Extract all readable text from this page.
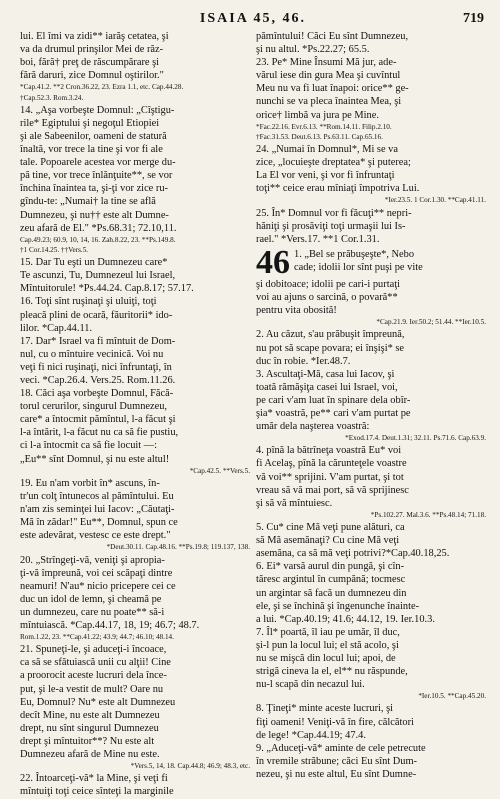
ISAIA 45, 46.	719
lui. El îmi va zidi** iarăş cetatea, şi
va da drumul prinşilor Mei de răz-
boi, fără† preţ de răscumpărare şi
fără daruri, zice Domnul oştirilor."
*Cap.41.2. **2 Cron.36.22, 23. Ezra 1.1, etc. Cap.44.28.
†Cap.52.3. Rom.3.24.
14. „Aşa vorbeşte Domnul: „Cîştigu-
rile* Egiptului şi negoţul Etiopiei
şi ale Sabeenilor, oameni de statură
înaltă, vor trece la tine şi vor fi ale
tale. Popoarele acestea vor merge du-
pă tine, vor trece înlănţuite**, se vor
închina înaintea ta, şi-ţi vor zice ru-
gîndu-te: „Numai† la tine se află
Dumnezeu, şi nu†† este alt Dumne-
zeu afară de El." *Ps.68.31; 72.10,11.
Cap.49.23; 60.9, 10, 14, 16. Zah.8.22, 23. **Ps.149.8.
†1 Cor.14.25. ††Vers.5.
15. Dar Tu eşti un Dumnezeu care*
Te ascunzi, Tu, Dumnezeul lui Israel,
Mîntuitorule! *Ps.44.24. Cap.8.17; 57.17.
16. Toţi sînt ruşinaţi şi uluiţi, toţi
pleacă plini de ocară, făuritorii* ido-
lilor. *Cap.44.11.
17. Dar* Israel va fi mîntuit de Dom-
nul, cu o mîntuire vecinică. Voi nu
veţi fi nici ruşinaţi, nici înfruntaţi, în
veci. *Cap.26.4. Vers.25. Rom.11.26.
18. Căci aşa vorbeşte Domnul, Făcă-
torul cerurilor, singurul Dumnezeu,
care* a întocmit pămîntul, l-a făcut şi
l-a întărit, l-a făcut nu ca să fie pustiu,
ci l-a întocmit ca să fie locuit —:
„Eu** sînt Domnul, şi nu este altul!
*Cap.42.5. **Vers.5.
19. Eu n'am vorbit în* ascuns, în-
tr'un colţ întunecos al pămîntului. Eu
n'am zis seminţei lui Iacov: „Căutaţi-
Mă în zădar!" Eu**, Domnul, spun ce
este adevărat, vestesc ce este drept."
*Deut.30.11. Cap.48.16. **Ps.19.8; 119.137, 138.
20. „Strîngeţi-vă, veniţi şi apropia-
ţi-vă împreună, voi cei scăpaţi dintre
neamuri! N'au* nicio pricepere cei ce
duc un idol de lemn, şi cheamă pe
un dumnezeu, care nu poate** să-i
mîntuiască. *Cap.44.17, 18, 19; 46.7; 48.7.
Rom.1.22, 23. **Cap.41.22; 43.9; 44.7; 46.10; 48.14.
21. Spuneţi-le, şi aduceţi-i încoace,
ca să se sfătuiască unii cu alţii! Cine
a proorocit aceste lucruri dela înce-
put, şi le-a vestit de mult? Oare nu
Eu, Domnul? Nu* este alt Dumnezeu
decît Mine, nu este alt Dumnezeu
drept, nu sînt singurul Dumnezeu
drept şi mîntuitor**? Nu este alt
Dumnezeu afară de Mine nu este.
*Vers.5, 14, 18. Cap.44.8; 46.9; 48.3, etc.
22. Întoarceţi-vă* la Mine, şi veţi fi
mîntuiţi toţi ceice sînteţi la marginile
pămîntului! Căci Eu sînt Dumnezeu,
şi nu altul. *Ps.22.27; 65.5.
23. Pe* Mine Însumi Mă jur, ade-
vărul iese din gura Mea şi cuvîntul
Meu nu va fi luat înapoi: orice** ge-
nunchi se va pleca înaintea Mea, şi
orice† limbă va jura pe Mine.
*Fac.22.16. Evr.6.13. **Rom.14.11. Filip.2.10.
†Fac.31.53. Deut.6.13. Ps.63.11. Cap.65.16.
24. „Numai în Domnul*, Mi se va
zice, „locuieşte dreptatea* şi puterea;
La El vor veni, şi vor fi înfruntaţi
toţi** ceice erau mîniaţi împotriva Lui.
*Ier.23.5. 1 Cor.1.30. **Cap.41.11.
25. În* Domnul vor fi făcuţi** nepri-
hăniţi şi prosăviţi toţi urmaşii lui Is-
rael." *Vers.17. **1 Cor.1.31.
46 1. „Bel se prăbuşeşte*, Nebo
cade; idolii lor sînt puşi pe vite
şi dobitoace; idolii pe cari-i purtaţi
voi au ajuns o sarcină, o povară**
pentru vita obosită!
*Cap.21.9. Ier.50.2; 51.44. **Ier.10.5.
2. Au căzut, s'au prăbuşit împreună,
nu pot să scape povara; ei înşişi* se
duc în robie. *Ier.48.7.
3. Ascultaţi-Mă, casa lui Iacov, şi
toată rămăşiţa casei lui Israel, voi,
pe cari v'am luat în spinare dela obîr-
şia* voastră, pe** cari v'am purtat pe
umăr dela naşterea voastră:
*Exod.17.4. Deut.1.31; 32.11. Ps.71.6. Cap.63.9.
4. pînă la bătrîneţa voastră Eu* voi
fi Acelaş, pînă la cărunteţele voastre
vă voi** sprijini. V'am purtat, şi tot
vreau să vă mai port, să vă sprijinesc
şi să vă mîntuiesc.
*Ps.102.27. Mal.3.6. **Ps.48.14; 71.18.
5. Cu* cine Mă veţi pune alături, ca
să Mă asemănaţi? Cu cine Mă veţi
asemăna, ca să mă veţi potrivi?*Cap.40.18,25.
6. Ei* varsă aurul din pungă, şi cîn-
tăresc argintul în cumpănă; tocmesc
un argintar să facă un dumnezeu din
ele, şi se închină şi îngenunche înainte-
a lui. *Cap.40.19; 41.6; 44.12, 19. Ier.10.3.
7. Îl* poartă, îl iau pe umăr, îl duc,
şi-l pun la locul lui; el stă acolo, şi
nu se mişcă din locul lui; apoi, de
strigă cineva la el, el** nu răspunde,
nu-l scapă din necazul lui.
*Ier.10.5. **Cap.45.20.
8. Ţineţi* minte aceste lucruri, şi
fiţi oameni! Veniţi-vă în fire, călcători
de lege! *Cap.44.19; 47.4.
9. „Aduceţi-vă* aminte de cele petrecute
în vremile străbune; căci Eu sînt Dum-
nezeu, şi nu este altul, Eu sînt Dumne-
